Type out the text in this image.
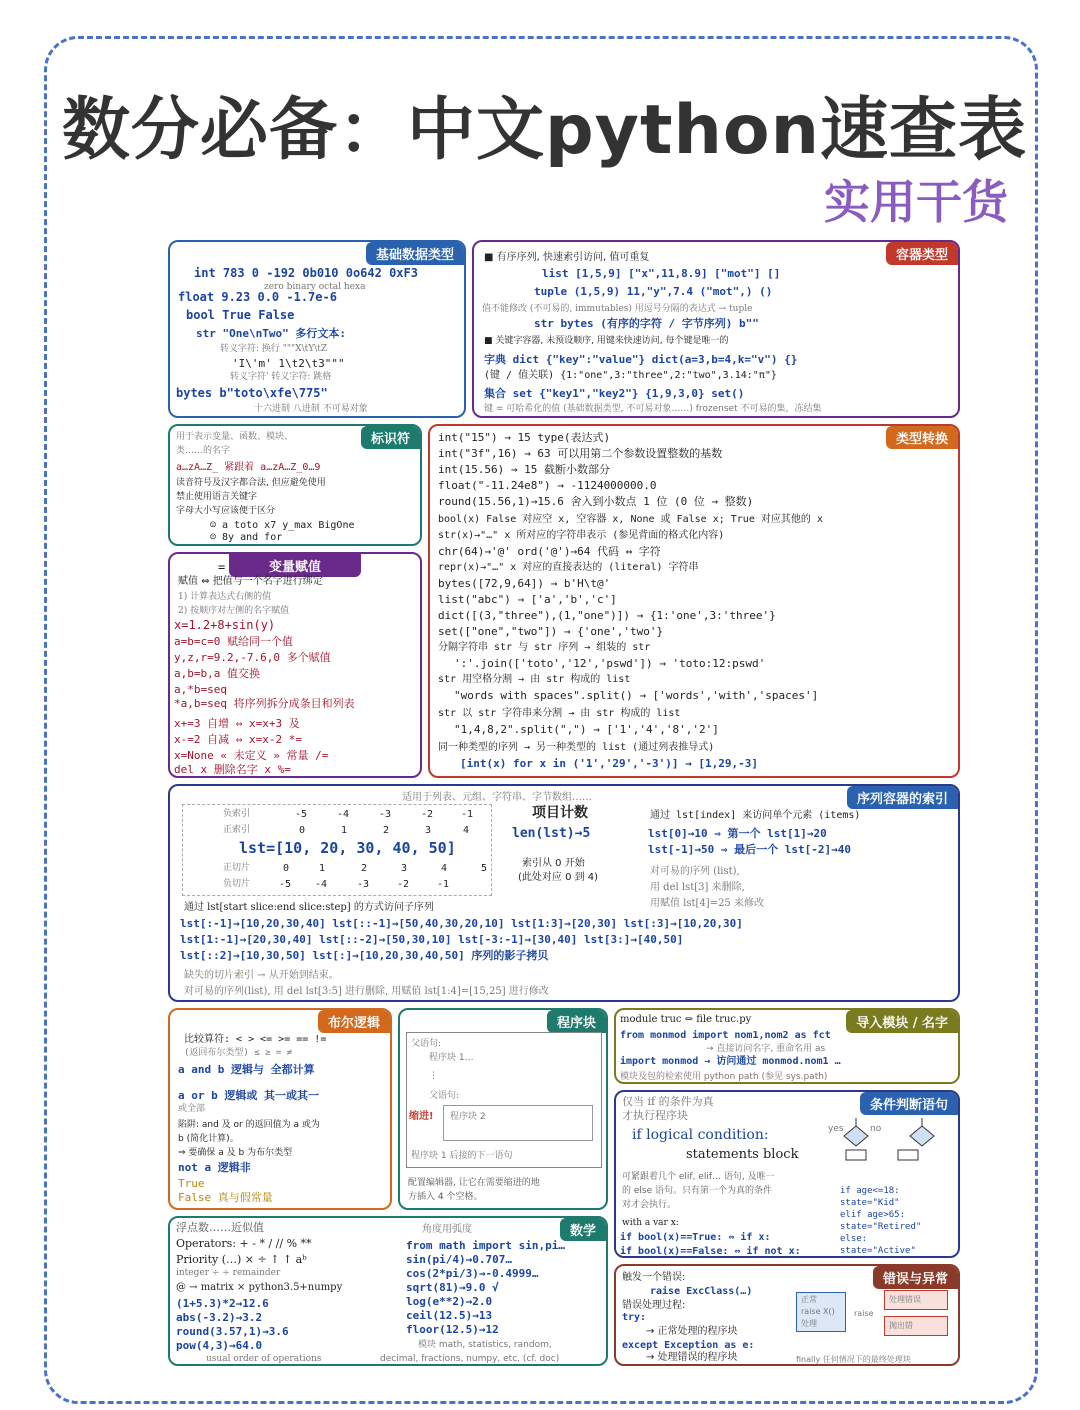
数分必备：中文python速查表
实用干货
基础数据类型
int 783 0 -192 0b010 0o642 0xF3
zero binary octal hexa
float 9.23 0.0 -1.7e-6
bool True False
str "One\nTwo" 多行文本:
转义字符: 换行 """X\tY\tZ
'I\'m' 1\t2\t3"""
转义字符' 转义字符: 跳格
bytes b"toto\xfe\775"
十六进制 八进制 不可易对象
容器类型
■ 有序序列, 快速索引访问, 值可重复
list [1,5,9] ["x",11,8.9] ["mot"] []
tuple (1,5,9) 11,"y",7.4 ("mot",) ()
值不能修改 (不可易的, immutables) 用逗号分隔的表达式 → tuple
str bytes (有序的字符 / 字节序列) b""
■ 关键字容器, 未预设顺序, 用键来快速访问, 每个键是唯一的
字典 dict {"key":"value"} dict(a=3,b=4,k="v") {}
(键 / 值关联) {1:"one",3:"three",2:"two",3.14:"π"}
集合 set {"key1","key2"} {1,9,3,0} set()
键 = 可哈希化的值 (基础数据类型, 不可易对象……) frozenset 不可易的集，冻结集
标识符
用于表示变量、函数、模块、
类……的名字
a…zA…Z_ 紧跟着 a…zA…Z_0…9
读音符号及汉字都合法, 但应避免使用
禁止使用语言关键字
字母大小写应该便于区分
☺ a toto x7 y_max BigOne
☹ 8y and for
变量赋值
=
赋值 ⇔ 把值与一个名字进行绑定
1) 计算表达式右侧的值
2) 按顺序对左侧的名字赋值
x=1.2+8+sin(y)
a=b=c=0 赋给同一个值
y,z,r=9.2,-7.6,0 多个赋值
a,b=b,a 值交换
a,*b=seq
*a,b=seq 将序列拆分成条目和列表
x+=3 自增 ⇔ x=x+3 及
x-=2 自减 ⇔ x=x-2 *=
x=None « 未定义 » 常量 /=
del x 删除名字 x %=
类型转换
int("15") → 15 type(表达式)
int("3f",16) → 63 可以用第二个参数设置整数的基数
int(15.56) → 15 截断小数部分
float("-11.24e8") → -1124000000.0
round(15.56,1)→15.6 舍入到小数点 1 位 (0 位 → 整数)
bool(x) False 对应空 x, 空容器 x, None 或 False x; True 对应其他的 x
str(x)→"…" x 所对应的字符串表示 (参见背面的格式化内容)
chr(64)→'@' ord('@')→64 代码 ↔ 字符
repr(x)→"…" x 对应的直接表达的 (literal) 字符串
bytes([72,9,64]) → b'H\t@'
list("abc") → ['a','b','c']
dict([(3,"three"),(1,"one")]) → {1:'one',3:'three'}
set(["one","two"]) → {'one','two'}
分隔字符串 str 与 str 序列 → 组装的 str
':'.join(['toto','12','pswd']) → 'toto:12:pswd'
str 用空格分割 → 由 str 构成的 list
"words with spaces".split() → ['words','with','spaces']
str 以 str 字符串来分割 → 由 str 构成的 list
"1,4,8,2".split(",") → ['1','4','8','2']
同一种类型的序列 → 另一种类型的 list (通过列表推导式)
[int(x) for x in ('1','29','-3')] → [1,29,-3]
序列容器的索引
适用于列表、元组、字符串、字节数组……
负索引	-5	-4	-3	-2	-1
正索引	0	1	2	3	4
lst=[10, 20, 30, 40, 50]
正切片	0	1	2	3	4	5
负切片	-5 -4	-3	-2	-1
项目计数
len(lst)→5
索引从 0 开始
(此处对应 0 到 4)
通过 lst[index] 来访问单个元素 (items)
lst[0]→10 ⇒ 第一个 lst[1]→20
lst[-1]→50 ⇒ 最后一个 lst[-2]→40
对可易的序列 (list),
用 del lst[3] 来删除,
用赋值 lst[4]=25 来修改
通过 lst[start slice:end slice:step] 的方式访问子序列
lst[:-1]→[10,20,30,40] lst[::-1]→[50,40,30,20,10] lst[1:3]→[20,30] lst[:3]→[10,20,30]
lst[1:-1]→[20,30,40] lst[::-2]→[50,30,10] lst[-3:-1]→[30,40] lst[3:]→[40,50]
lst[::2]→[10,30,50] lst[:]→[10,20,30,40,50] 序列的影子拷贝
缺失的切片索引 → 从开始到结束。
对可易的序列(list), 用 del lst[3:5] 进行删除, 用赋值 lst[1:4]=[15,25] 进行修改
布尔逻辑
比较算符: < > <= >= == !=
(返回布尔类型) ≤ ≥ = ≠
a and b 逻辑与 全都计算
a or b 逻辑或 其一或其一
或全部
陷阱: and 及 or 的返回值为 a 或为
b (简化计算)。
⇒ 要确保 a 及 b 为布尔类型
not a 逻辑非
True
False 真与假常量
程序块
父语句:
程序块 1…
⋮
父语句:
程序块 2
缩进!
程序块 1 后接的下一语句
配置编辑器, 让它在需要缩进的地
方插入 4 个空格。
导入模块 / 名字
module truc ⇔ file truc.py
from monmod import nom1,nom2 as fct
→ 直接访问名字, 重命名用 as
import monmod → 访问通过 monmod.nom1 …
模块及包的检索使用 python path (参见 sys.path)
条件判断语句
仅当 if 的条件为真
才执行程序块
if logical condition:
statements block
可紧跟着几个 elif, elif… 语句, 及唯一
的 else 语句。只有第一个为真的条件
对才会执行。
with a var x:
if bool(x)==True: ⇔ if x:
if bool(x)==False: ⇔ if not x:
yes	no
if age<=18:
state="Kid"
elif age>65:
state="Retired"
else:
state="Active"
数学
浮点数……近似值
Operators: + - * / // % **
Priority (…) × ÷ ↑ ↑ aᵇ
integer ÷ ÷ remainder
@ → matrix × python3.5+numpy
(1+5.3)*2→12.6
abs(-3.2)→3.2
round(3.57,1)→3.6
pow(4,3)→64.0
usual order of operations
角度用弧度
from math import sin,pi…
sin(pi/4)→0.707…
cos(2*pi/3)→-0.4999…
sqrt(81)→9.0 √
log(e**2)→2.0
ceil(12.5)→13
floor(12.5)→12
模块 math, statistics, random,
decimal, fractions, numpy, etc. (cf. doc)
错误与异常
触发一个错误:
raise ExcClass(…)
错误处理过程:
try:
→ 正常处理的程序块
except Exception as e:
→ 处理错误的程序块	finally 任何情况下的最终处理块
正常
raise X()
处理
处理错误
抛出错
raise
